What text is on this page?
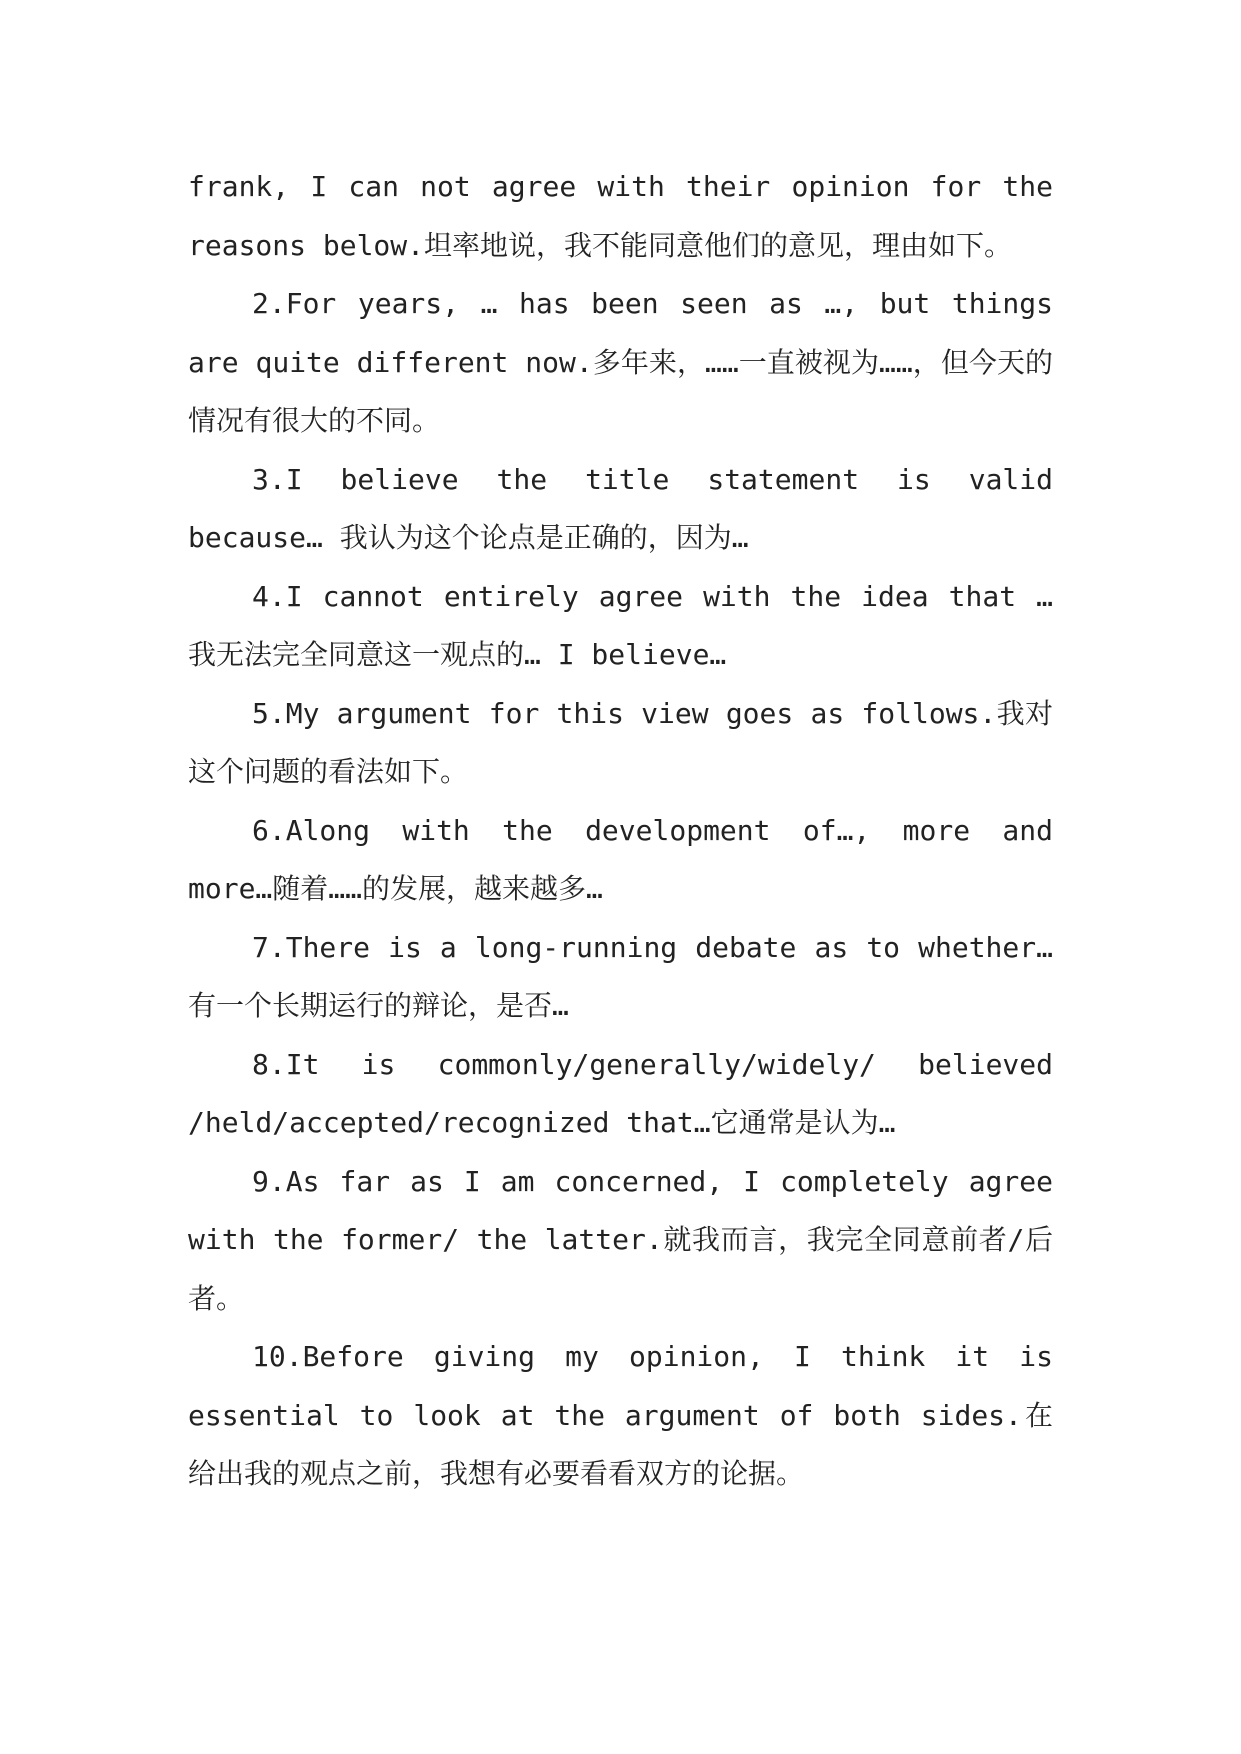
frank, I can not agree with their opinion for the reasons below.坦率地说，我不能同意他们的意见，理由如下。

2.For years, … has been seen as …, but things are quite different now.多年来，……一直被视为……，但今天的情况有很大的不同。

3.I believe the title statement is valid because… 我认为这个论点是正确的，因为…

4.I cannot entirely agree with the idea that … 我无法完全同意这一观点的… I believe…

5.My argument for this view goes as follows.我对这个问题的看法如下。

6.Along with the development of…, more and more…随着……的发展，越来越多…

7.There is a long-running debate as to whether…有一个长期运行的辩论，是否…

8.It is commonly/generally/widely/ believed /held/accepted/recognized that…它通常是认为…

9.As far as I am concerned, I completely agree with the former/ the latter.就我而言，我完全同意前者/后者。

10.Before giving my opinion, I think it is essential to look at the argument of both sides.在给出我的观点之前，我想有必要看看双方的论据。
